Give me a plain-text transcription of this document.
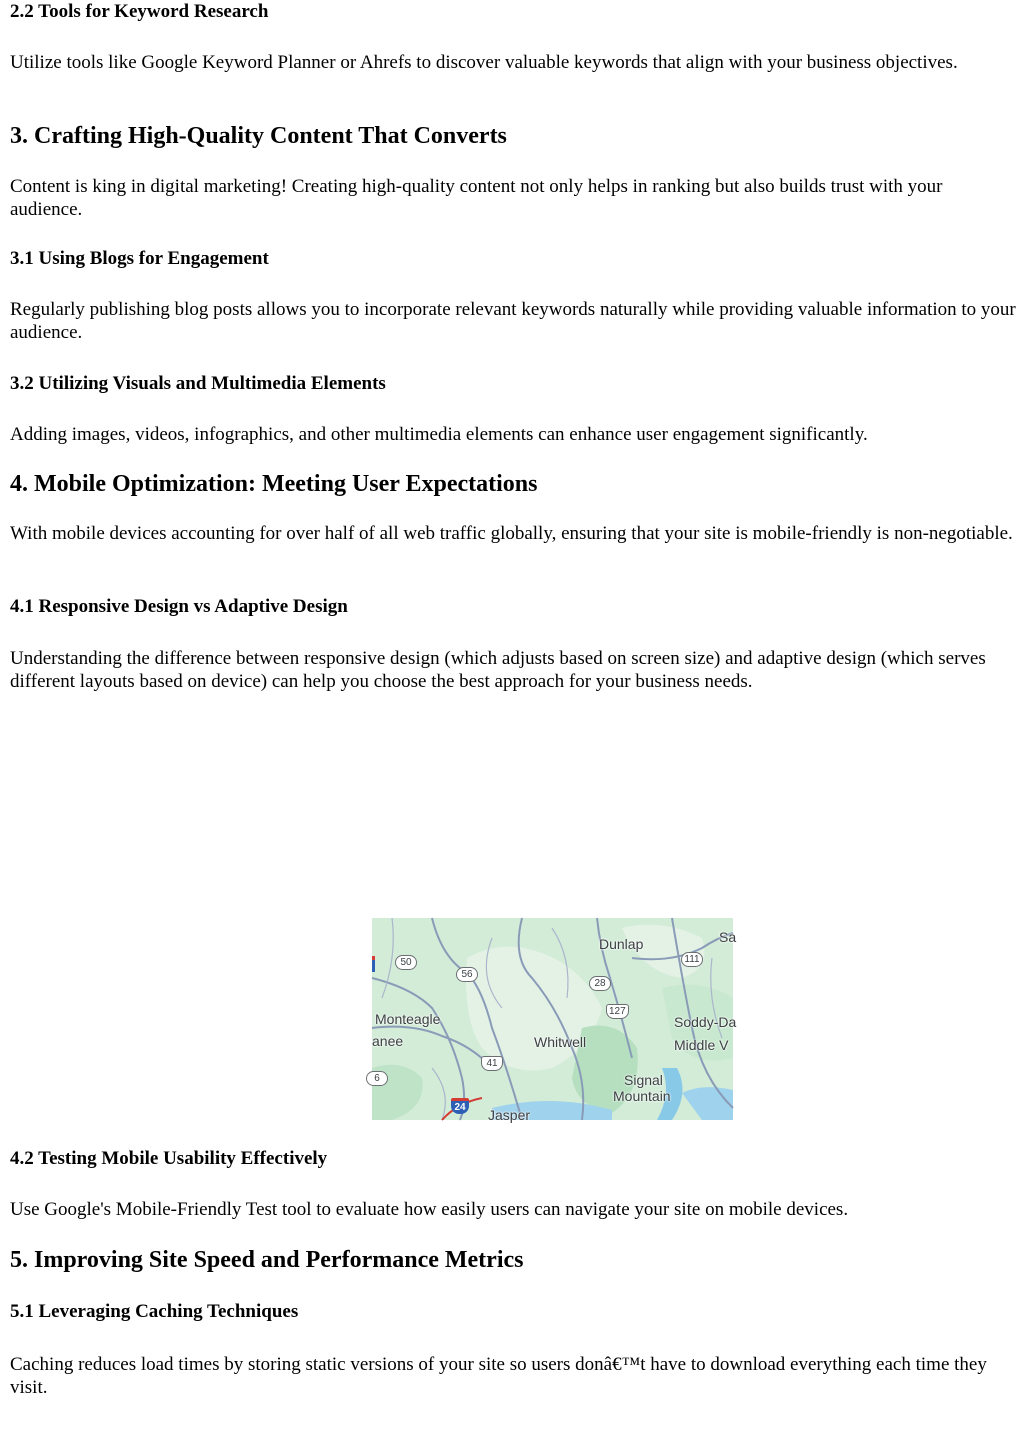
2.2 Tools for Keyword Research

Utilize tools like Google Keyword Planner or Ahrefs to discover valuable keywords that align with your business objectives.

3. Crafting High-Quality Content That Converts

Content is king in digital marketing! Creating high-quality content not only helps in ranking but also builds trust with your audience.

3.1 Using Blogs for Engagement

Regularly publishing blog posts allows you to incorporate relevant keywords naturally while providing valuable information to your audience.

3.2 Utilizing Visuals and Multimedia Elements

Adding images, videos, infographics, and other multimedia elements can enhance user engagement significantly.

4. Mobile Optimization: Meeting User Expectations

With mobile devices accounting for over half of all web traffic globally, ensuring that your site is mobile-friendly is non-negotiable.

4.1 Responsive Design vs Adaptive Design

Understanding the difference between responsive design (which adjusts based on screen size) and adaptive design (which serves different layouts based on device) can help you choose the best approach for your business needs.

Dunlap	Sa
Monteagle
anee	Whitwell
Soddy-Da
Middle V
Signal
Mountain
Jasper
50
56
28
111
127
41
6
24
4.2 Testing Mobile Usability Effectively

Use Google's Mobile-Friendly Test tool to evaluate how easily users can navigate your site on mobile devices.

5. Improving Site Speed and Performance Metrics
5.1 Leveraging Caching Techniques

Caching reduces load times by storing static versions of your site so users donâ€™t have to download everything each time they visit.
